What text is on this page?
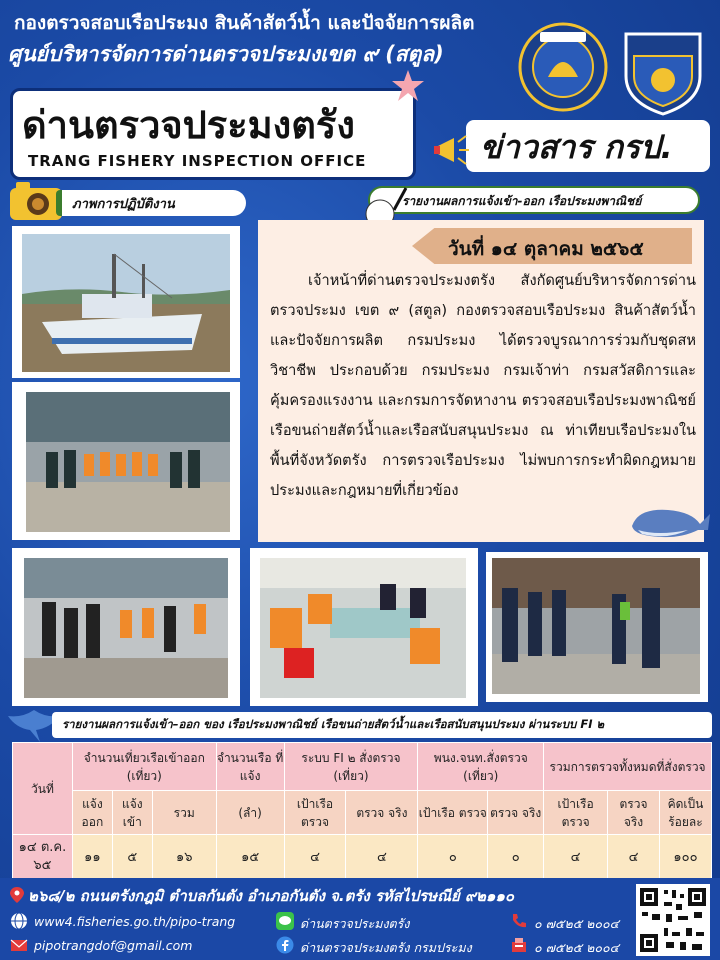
กองตรวจสอบเรือประมง สินค้าสัตว์น้ำ และปัจจัยการผลิต
ศูนย์บริหารจัดการด่านตรวจประมงเขต ๙ (สตูล)
ด่านตรวจประมงตรัง
TRANG FISHERY INSPECTION OFFICE	ข่าวสาร กรป.
ภาพการปฏิบัติงาน	รายงานผลการแจ้งเข้า-ออก เรือประมงพาณิชย์
วันที่ ๑๔ ตุลาคม ๒๕๖๕
เจ้าหน้าที่ด่านตรวจประมงตรัง สังกัดศูนย์บริหารจัดการด่านตรวจประมง เขต ๙ (สตูล) กองตรวจสอบเรือประมง สินค้าสัตว์น้ำ และปัจจัยการผลิต กรมประมง ได้ตรวจบูรณาการร่วมกับชุดสหวิชาชีพ ประกอบด้วย กรมประมง กรมเจ้าท่า กรมสวัสดิการและคุ้มครองแรงงาน และกรมการจัดหางาน ตรวจสอบเรือประมงพาณิชย์ เรือขนถ่ายสัตว์น้ำและเรือสนับสนุนประมง ณ ท่าเทียบเรือประมงในพื้นที่จังหวัดตรัง การตรวจเรือประมง ไม่พบการกระทำผิดกฎหมายประมงและกฎหมายที่เกี่ยวข้อง
รายงานผลการแจ้งเข้า–ออก ของ เรือประมงพาณิชย์ เรือขนถ่ายสัตว์น้ำและเรือสนับสนุนประมง ผ่านระบบ FI ๒
วันที่	จำนวนเที่ยวเรือเข้าออก (เที่ยว)			จำนวนเรือ ที่แจ้ง	ระบบ FI ๒ สั่งตรวจ (เที่ยว)		พนง.จนท.สั่งตรวจ (เที่ยว)		รวมการตรวจทั้งหมดที่สั่งตรวจ		
	แจ้ง ออก	แจ้ง เข้า	รวม	(ลำ)	เป้าเรือ ตรวจ	ตรวจ จริง	เป้าเรือ ตรวจ	ตรวจ จริง	เป้าเรือ ตรวจ	ตรวจ จริง	คิดเป็น ร้อยละ
๑๔ ต.ค. ๖๕	๑๑	๕	๑๖	๑๕	๔	๔	๐	๐	๔	๔	๑๐๐
๒๖๘/๒ ถนนตรังกฎมิ ตำบลกันตัง อำเภอกันตัง จ.ตรัง รหัสไปรษณีย์ ๙๒๑๑๐
www4.fisheries.go.th/pipo-trang	ด่านตรวจประมงตรัง	๐ ๗๕๒๕ ๒๐๐๔
pipotrangdof@gmail.com	ด่านตรวจประมงตรัง กรมประมง	๐ ๗๕๒๕ ๒๐๐๔
